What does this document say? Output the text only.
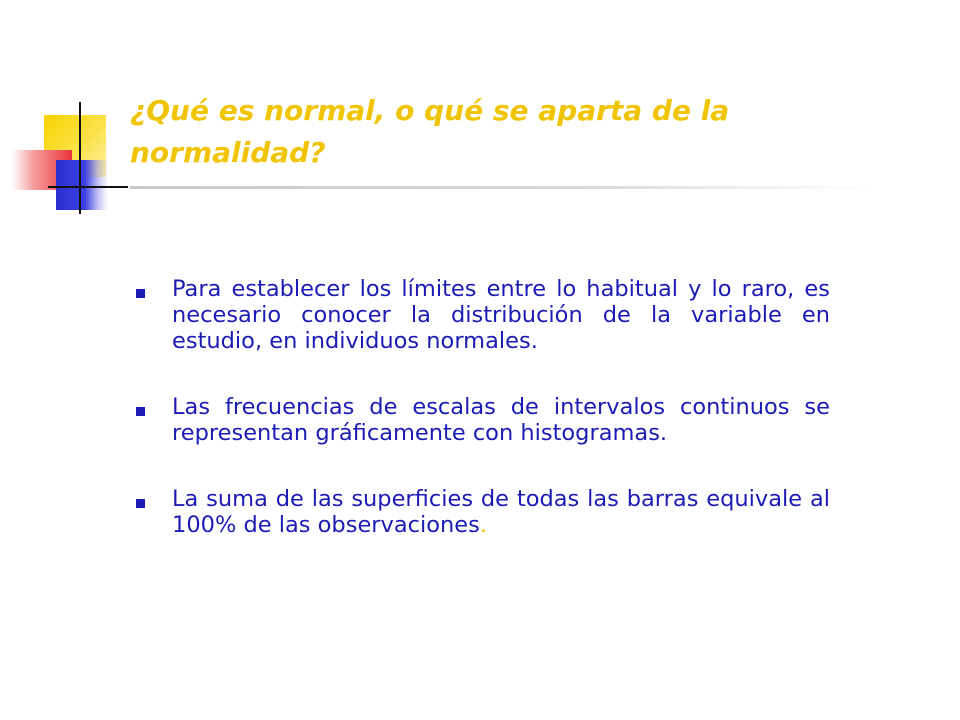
¿Qué es normal, o qué se aparta de la normalidad?
Para establecer los límites entre lo habitual y lo raro, es necesario conocer la distribución de la variable en estudio, en individuos normales.
Las frecuencias de escalas de intervalos continuos se representan gráficamente con histogramas.
La suma de las superficies de todas las barras equivale al 100% de las observaciones.
